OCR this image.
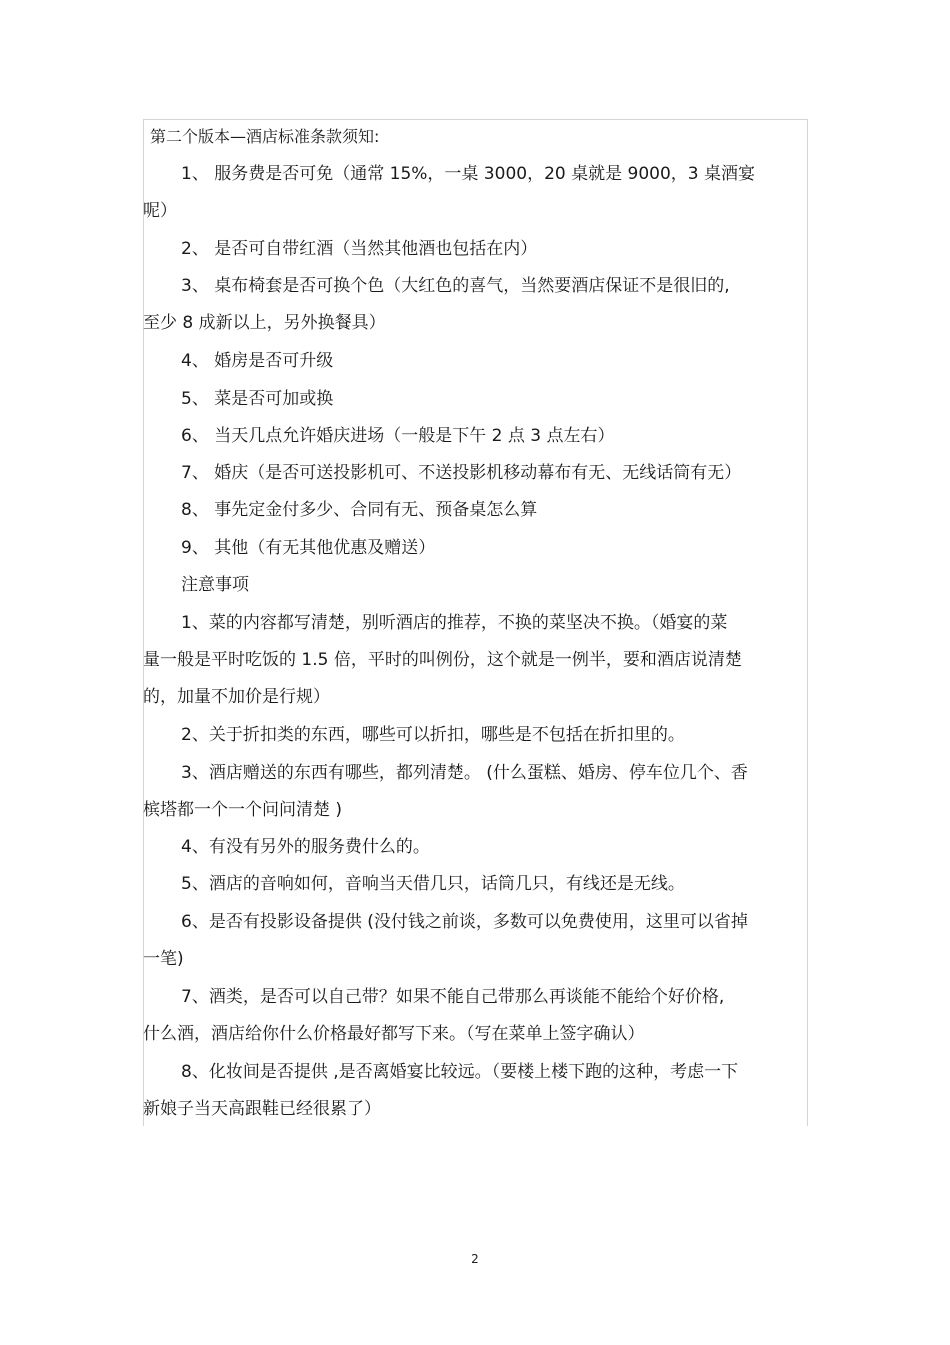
第二个版本—酒店标准条款须知:
1、 服务费是否可免（通常 15%，一桌 3000，20 桌就是 9000，3 桌酒宴
呢）
2、 是否可自带红酒（当然其他酒也包括在内）
3、 桌布椅套是否可换个色（大红色的喜气，当然要酒店保证不是很旧的,
至少 8 成新以上，另外换餐具）
4、 婚房是否可升级
5、 菜是否可加或换
6、 当天几点允许婚庆进场（一般是下午 2 点 3 点左右）
7、 婚庆（是否可送投影机可、不送投影机移动幕布有无、无线话筒有无）
8、 事先定金付多少、合同有无、预备桌怎么算
9、 其他（有无其他优惠及赠送）
注意事项
1、菜的内容都写清楚，别听酒店的推荐，不换的菜坚决不换。（婚宴的菜
量一般是平时吃饭的 1.5 倍，平时的叫例份，这个就是一例半，要和酒店说清楚
的，加量不加价是行规）
2、关于折扣类的东西，哪些可以折扣，哪些是不包括在折扣里的。
3、酒店赠送的东西有哪些，都列清楚。 (什么蛋糕、婚房、停车位几个、香
槟塔都一个一个问问清楚 )
4、有没有另外的服务费什么的。
5、酒店的音响如何，音响当天借几只，话筒几只，有线还是无线。
6、是否有投影设备提供 (没付钱之前谈，多数可以免费使用，这里可以省掉
一笔)
7、酒类，是否可以自己带？如果不能自己带那么再谈能不能给个好价格,
什么酒，酒店给你什么价格最好都写下来。（写在菜单上签字确认）
8、化妆间是否提供 ,是否离婚宴比较远。（要楼上楼下跑的这种，考虑一下
新娘子当天高跟鞋已经很累了）
2
